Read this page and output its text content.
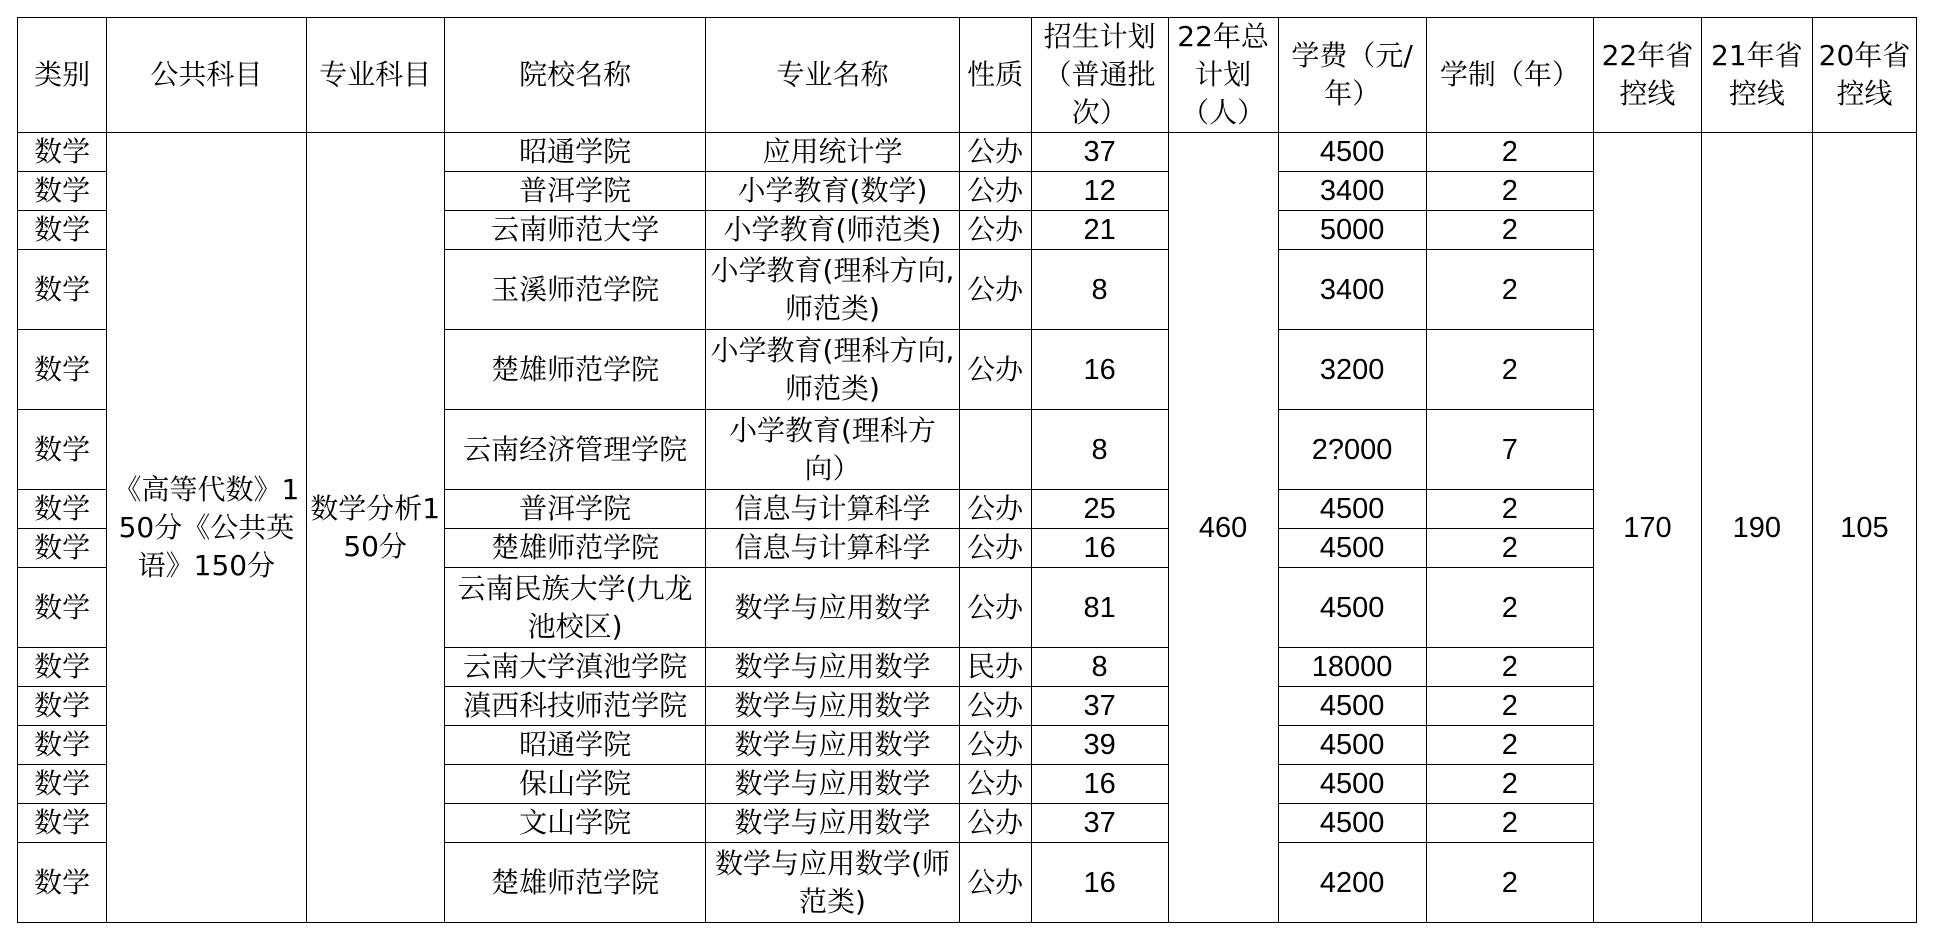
类别	公共科目	专业科目	院校名称	专业名称	性质	招生计划（普通批次）	22年总计划（人）	学费（元/年）	学制（年）	22年省控线	21年省控线	20年省控线
数学	《高等代数》150分《公共英语》150分	数学分析150分	昭通学院	应用统计学	公办	37	460	4500	2	170	190	105
数学			普洱学院	小学教育(数学)	公办	12		3400	2			
数学			云南师范大学	小学教育(师范类)	公办	21		5000	2			
数学			玉溪师范学院	小学教育(理科方向,师范类)	公办	8		3400	2			
数学			楚雄师范学院	小学教育(理科方向,师范类)	公办	16		3200	2			
数学			云南经济管理学院	小学教育(理科方向）		8		2?000	7			
数学			普洱学院	信息与计算科学	公办	25		4500	2			
数学			楚雄师范学院	信息与计算科学	公办	16		4500	2			
数学			云南民族大学(九龙池校区)	数学与应用数学	公办	81		4500	2			
数学			云南大学滇池学院	数学与应用数学	民办	8		18000	2			
数学			滇西科技师范学院	数学与应用数学	公办	37		4500	2			
数学			昭通学院	数学与应用数学	公办	39		4500	2			
数学			保山学院	数学与应用数学	公办	16		4500	2			
数学			文山学院	数学与应用数学	公办	37		4500	2			
数学			楚雄师范学院	数学与应用数学(师范类)	公办	16		4200	2			
